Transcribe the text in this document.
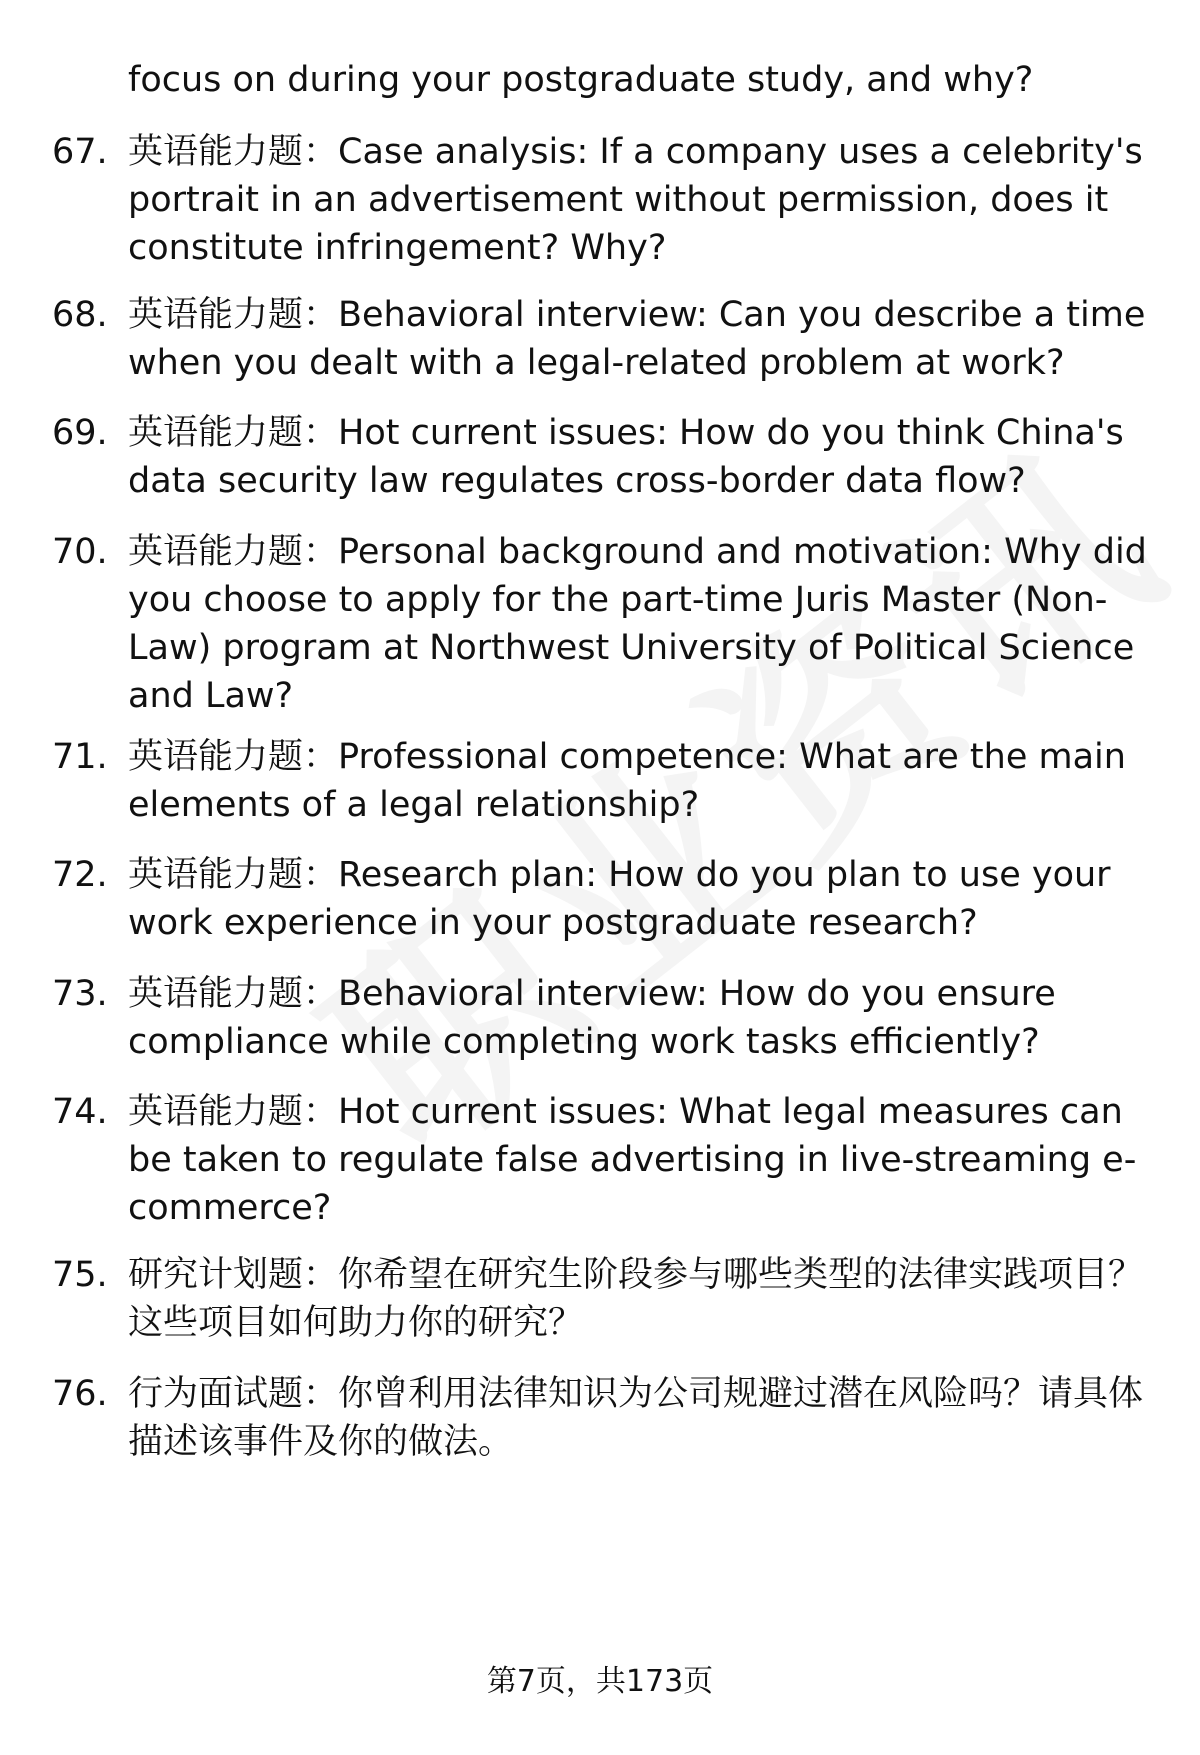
focus on during your postgraduate study, and why?

67. 英语能力题：Case analysis: If a company uses a celebrity's portrait in an advertisement without permission, does it constitute infringement? Why?
68. 英语能力题：Behavioral interview: Can you describe a time when you dealt with a legal-related problem at work?
69. 英语能力题：Hot current issues: How do you think China's data security law regulates cross-border data flow?
70. 英语能力题：Personal background and motivation: Why did you choose to apply for the part-time Juris Master (Non-Law) program at Northwest University of Political Science and Law?
71. 英语能力题：Professional competence: What are the main elements of a legal relationship?
72. 英语能力题：Research plan: How do you plan to use your work experience in your postgraduate research?
73. 英语能力题：Behavioral interview: How do you ensure compliance while completing work tasks efficiently?
74. 英语能力题：Hot current issues: What legal measures can be taken to regulate false advertising in live-streaming e-commerce?
75. 研究计划题：你希望在研究生阶段参与哪些类型的法律实践项目？这些项目如何助力你的研究？
76. 行为面试题：你曾利用法律知识为公司规避过潜在风险吗？请具体描述该事件及你的做法。
第7页，共173页
